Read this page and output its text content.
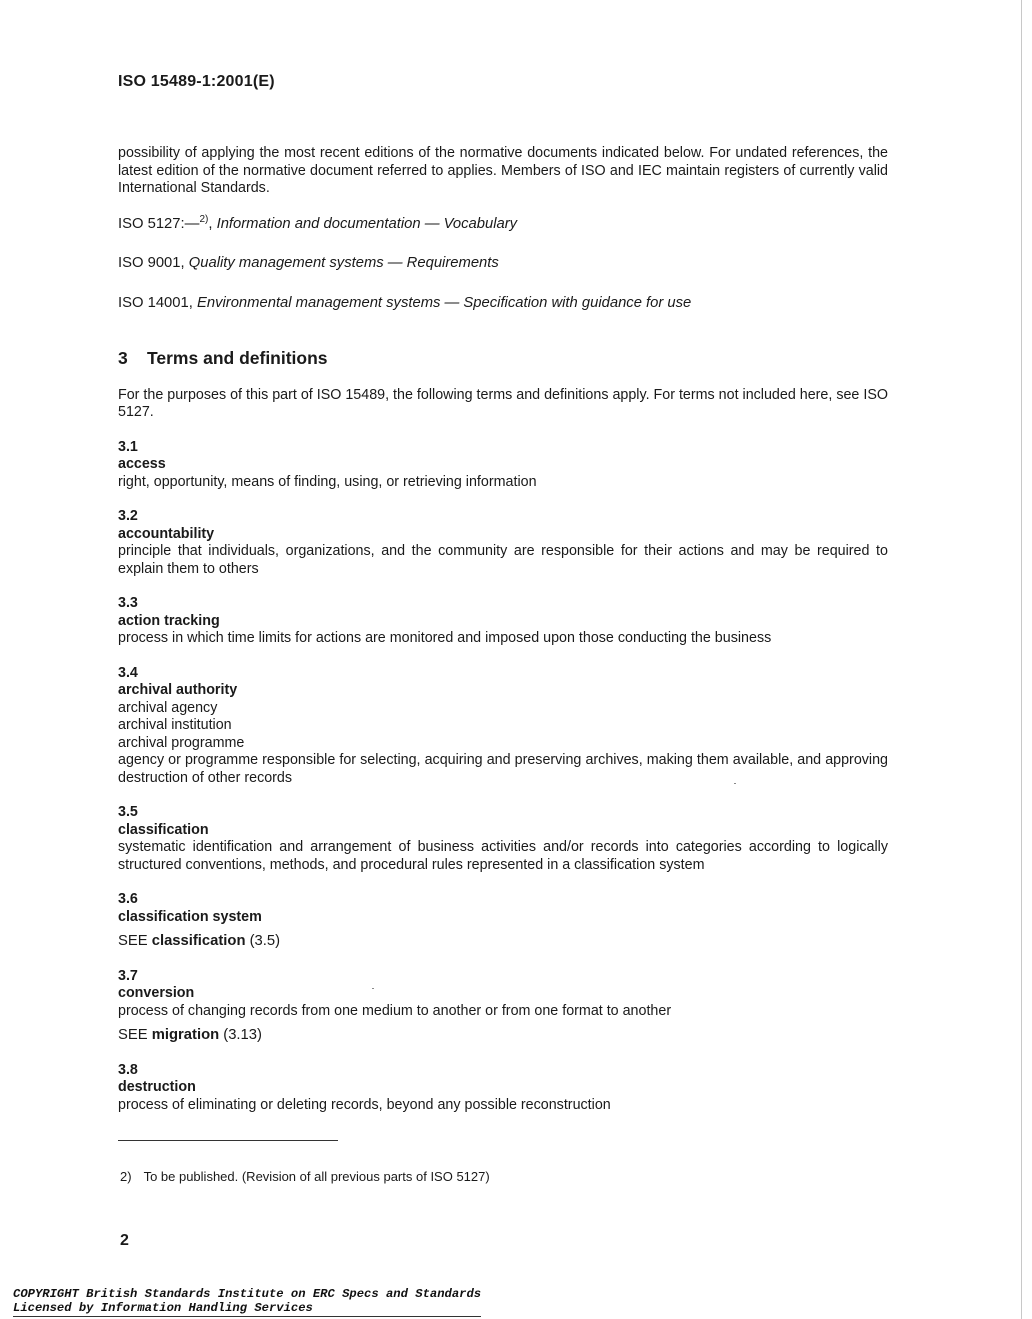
ISO 15489-1:2001(E)

possibility of applying the most recent editions of the normative documents indicated below. For undated references, the latest edition of the normative document referred to applies. Members of ISO and IEC maintain registers of currently valid International Standards.

ISO 5127:—$^{2)}$, Information and documentation — Vocabulary

ISO 9001, Quality management systems — Requirements

ISO 14001, Environmental management systems — Specification with guidance for use

3	Terms and definitions

For the purposes of this part of ISO 15489, the following terms and definitions apply. For terms not included here, see ISO 5127.

3.1

access

right, opportunity, means of finding, using, or retrieving information

3.2

accountability

principle that individuals, organizations, and the community are responsible for their actions and may be required to explain them to others

3.3

action tracking

process in which time limits for actions are monitored and imposed upon those conducting the business

3.4

archival authority

archival agency

archival institution

archival programme

agency or programme responsible for selecting, acquiring and preserving archives, making them available, and approving destruction of other records

3.5

classification

systematic identification and arrangement of business activities and/or records into categories according to logically structured conventions, methods, and procedural rules represented in a classification system

3.6

classification system

SEE classification (3.5)

3.7

conversion

process of changing records from one medium to another or from one format to another

SEE migration (3.13)

3.8

destruction

process of eliminating or deleting records, beyond any possible reconstruction

2) To be published. (Revision of all previous parts of ISO 5127)
2
COPYRIGHT British Standards Institute on ERC Specs and Standards
Licensed by Information Handling Services
